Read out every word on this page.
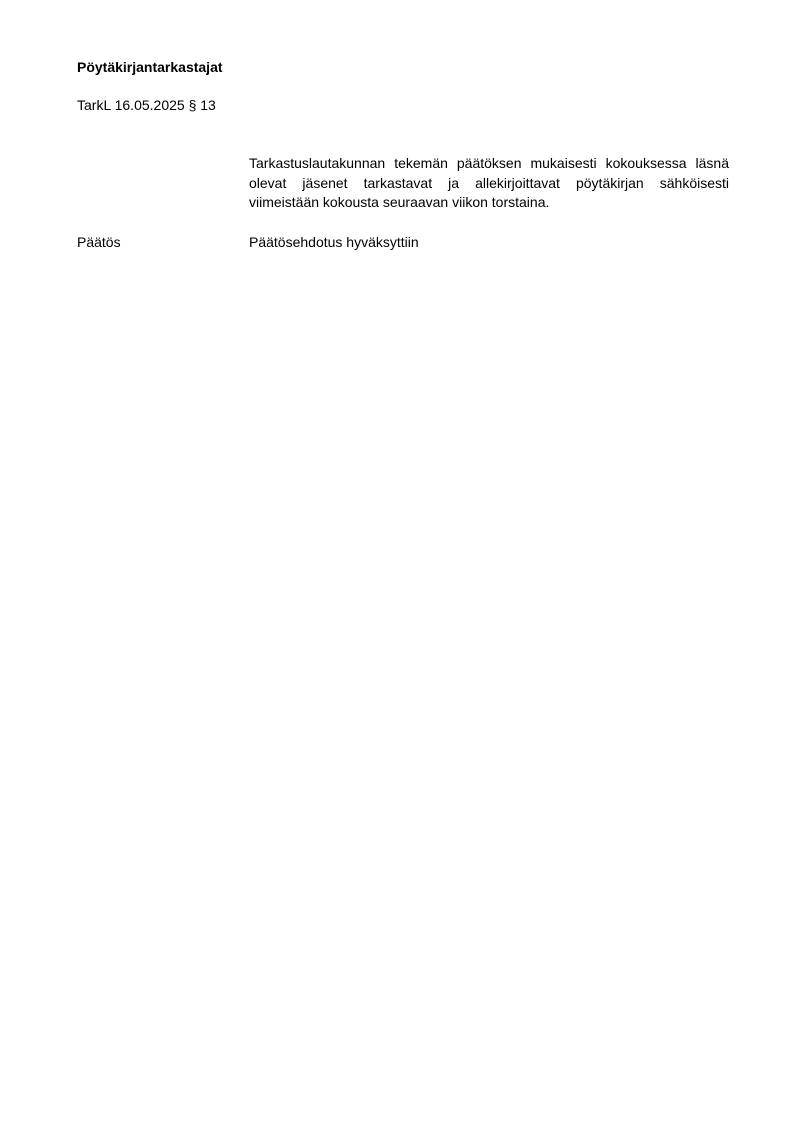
Pöytäkirjantarkastajat
TarkL 16.05.2025 § 13
Tarkastuslautakunnan tekemän päätöksen mukaisesti kokouksessa läsnä olevat jäsenet tarkastavat ja allekirjoittavat pöytäkirjan sähköisesti viimeistään kokousta seuraavan viikon torstaina.
Päätös	Päätösehdotus hyväksyttiin
